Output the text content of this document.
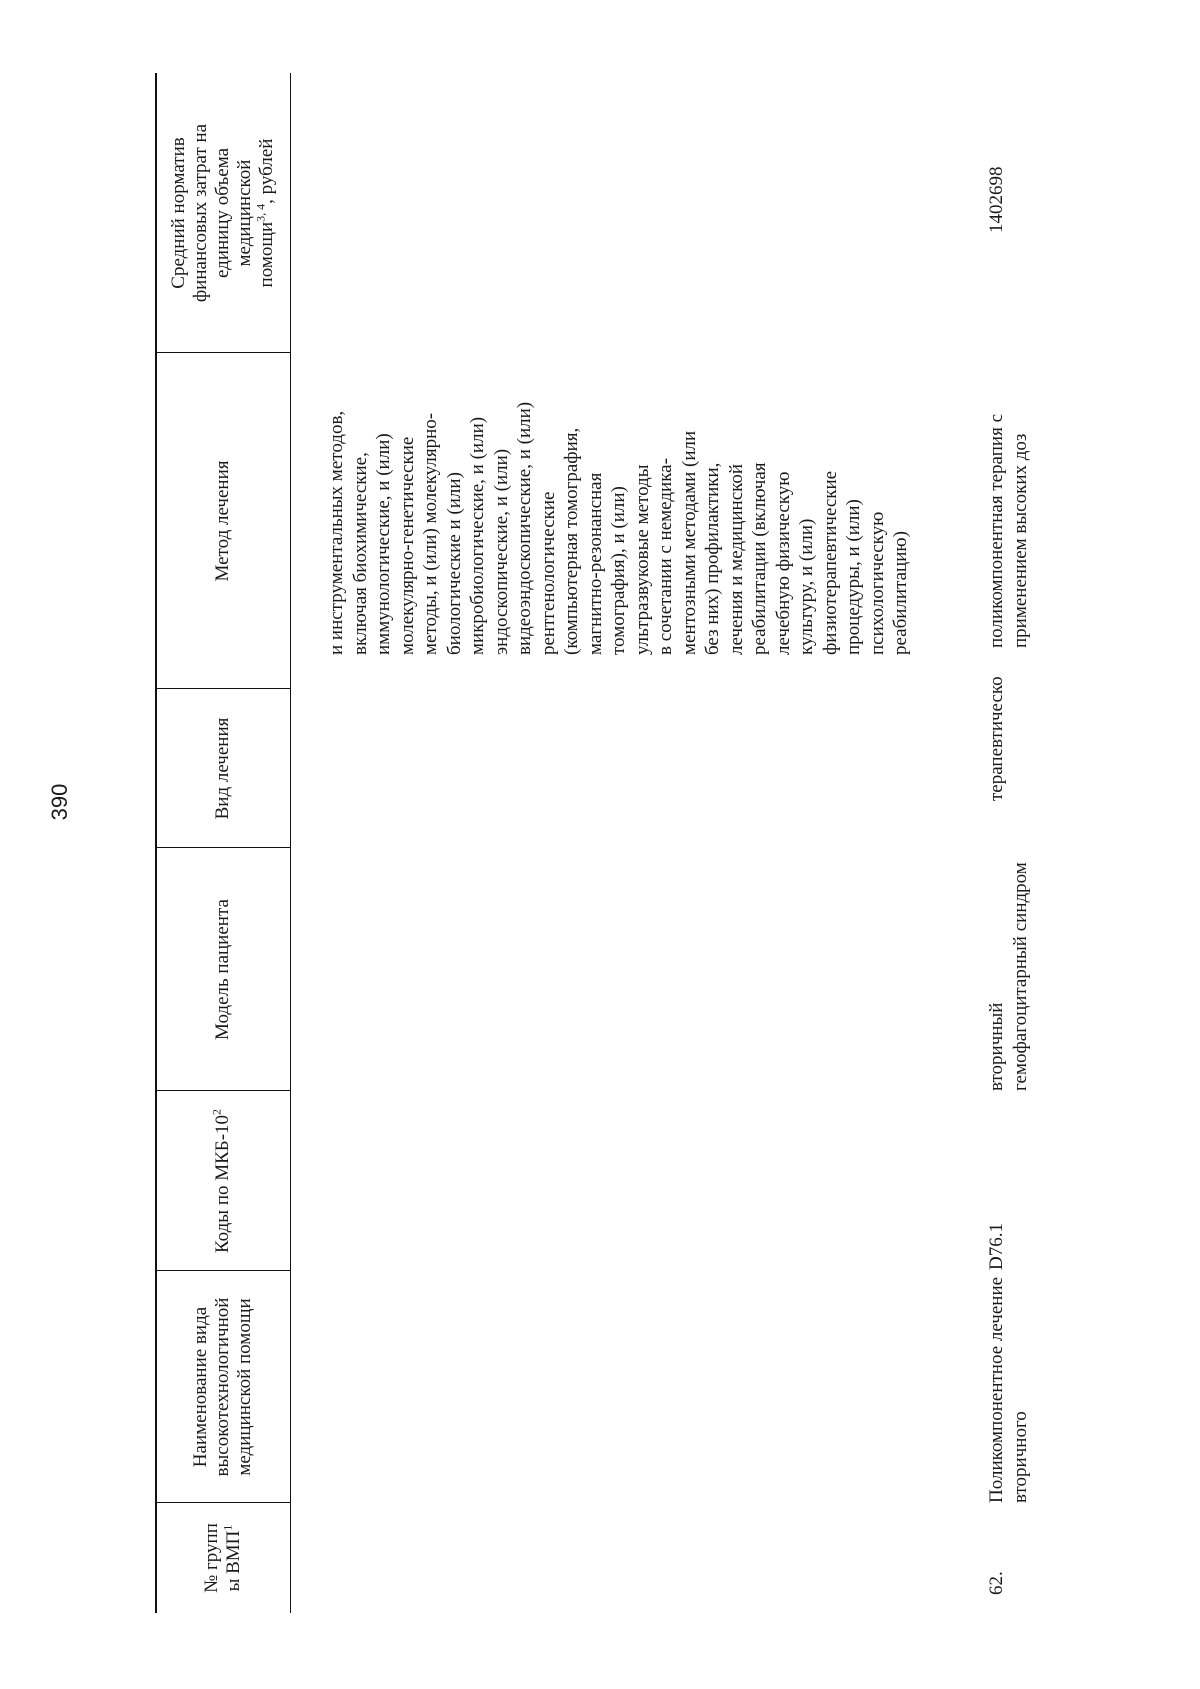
390
№ групп ы ВМП$^1$
Наименование вида высокотехнологичной медицинской помощи
Коды по МКБ-$10^2$
Модель пациента
Вид лечения
Метод лечения
Средний норматив финансовых затрат на единицу объема медицинской помощи$^{3, 4}$, рублей
и инструментальных методов, включая биохимические, иммунологические, и (или) молекулярно-генетические методы, и (или) молекулярно- биологические и (или) микробиологические, и (или) эндоскопические, и (или) видеоэндоскопические, и (или) рентгенологические (компьютерная томография, магнитно-резонансная томография), и (или) ультразвуковые методы в сочетании с немедика- ментозными методами (или без них) профилактики, лечения и медицинской реабилитации (включая лечебную физическую культуру, и (или) физиотерапевтические процедуры, и (или) психологическую реабилитацию)
62.
Поликомпонентное лечение вторичного
D76.1
вторичный гемофагоцитарный синдром
терапевтическо
поликомпонентная терапия с применением высоких доз
1402698
